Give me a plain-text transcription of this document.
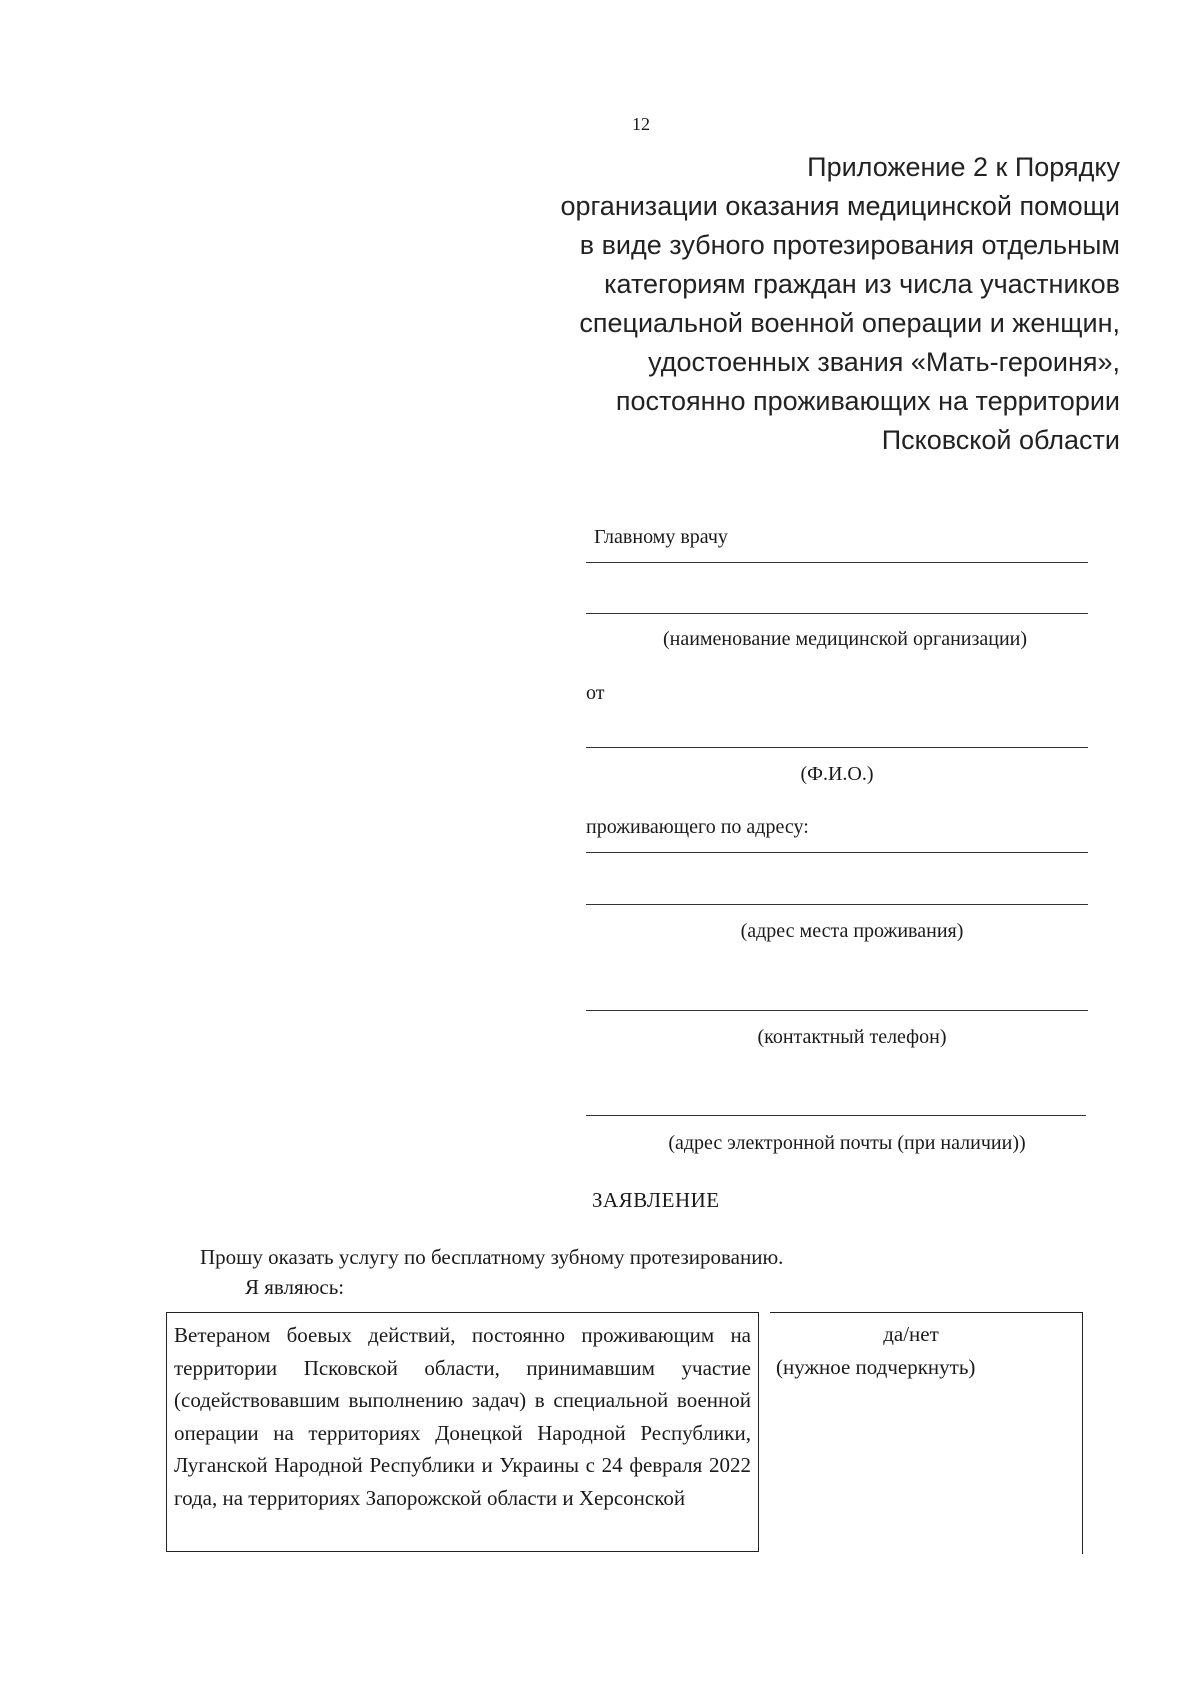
12
Приложение 2 к Порядку
организации оказания медицинской помощи
в виде зубного протезирования отдельным
категориям граждан из числа участников
специальной военной операции и женщин,
удостоенных звания «Мать-героиня»,
постоянно проживающих на территории
Псковской области
Главному врачу
(наименование медицинской организации)
от
(Ф.И.О.)
проживающего по адресу:
(адрес места проживания)
(контактный телефон)
(адрес электронной почты (при наличии))
ЗАЯВЛЕНИЕ
Прошу оказать услугу по бесплатному зубному протезированию.
Я являюсь:
Ветераном боевых действий, постоянно проживающим на территории Псковской области, принимавшим участие (содействовавшим выполнению задач) в специальной военной операции на территориях Донецкой Народной Республики, Луганской Народной Республики и Украины с 24 февраля 2022 года, на территориях Запорожской области и Херсонской
да/нет
(нужное подчеркнуть)
